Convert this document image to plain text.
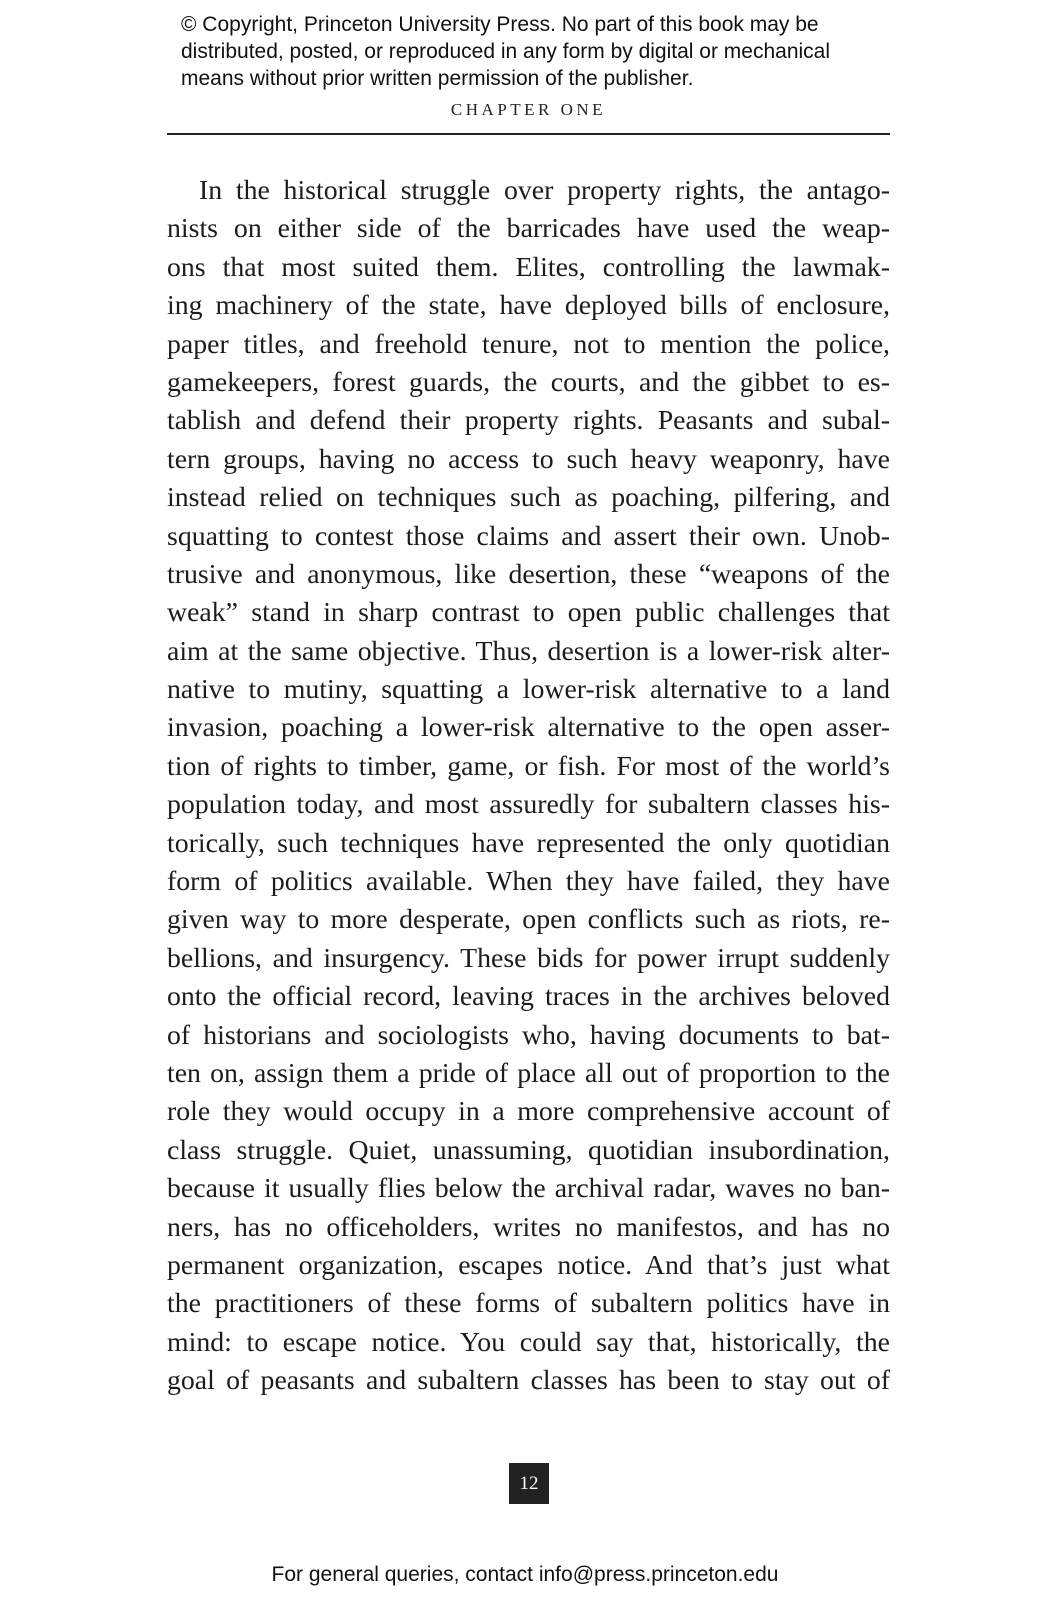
© Copyright, Princeton University Press. No part of this book may be
distributed, posted, or reproduced in any form by digital or mechanical
means without prior written permission of the publisher.
CHAPTER ONE
In the historical struggle over property rights, the antago-
nists on either side of the barricades have used the weap-
ons that most suited them. Elites, controlling the lawmak-
ing machinery of the state, have deployed bills of enclosure,
paper titles, and freehold tenure, not to mention the police,
gamekeepers, forest guards, the courts, and the gibbet to es-
tablish and defend their property rights. Peasants and subal-
tern groups, having no access to such heavy weaponry, have
instead relied on techniques such as poaching, pilfering, and
squatting to contest those claims and assert their own. Unob-
trusive and anonymous, like desertion, these “weapons of the
weak” stand in sharp contrast to open public challenges that
aim at the same objective. Thus, desertion is a lower-risk alter-
native to mutiny, squatting a lower-risk alternative to a land
invasion, poaching a lower-risk alternative to the open asser-
tion of rights to timber, game, or fish. For most of the world’s
population today, and most assuredly for subaltern classes his-
torically, such techniques have represented the only quotidian
form of politics available. When they have failed, they have
given way to more desperate, open conflicts such as riots, re-
bellions, and insurgency. These bids for power irrupt suddenly
onto the official record, leaving traces in the archives beloved
of historians and sociologists who, having documents to bat-
ten on, assign them a pride of place all out of proportion to the
role they would occupy in a more comprehensive account of
class struggle. Quiet, unassuming, quotidian insubordination,
because it usually flies below the archival radar, waves no ban-
ners, has no officeholders, writes no manifestos, and has no
permanent organization, escapes notice. And that’s just what
the practitioners of these forms of subaltern politics have in
mind: to escape notice. You could say that, historically, the
goal of peasants and subaltern classes has been to stay out of
12
For general queries, contact info@press.princeton.edu
